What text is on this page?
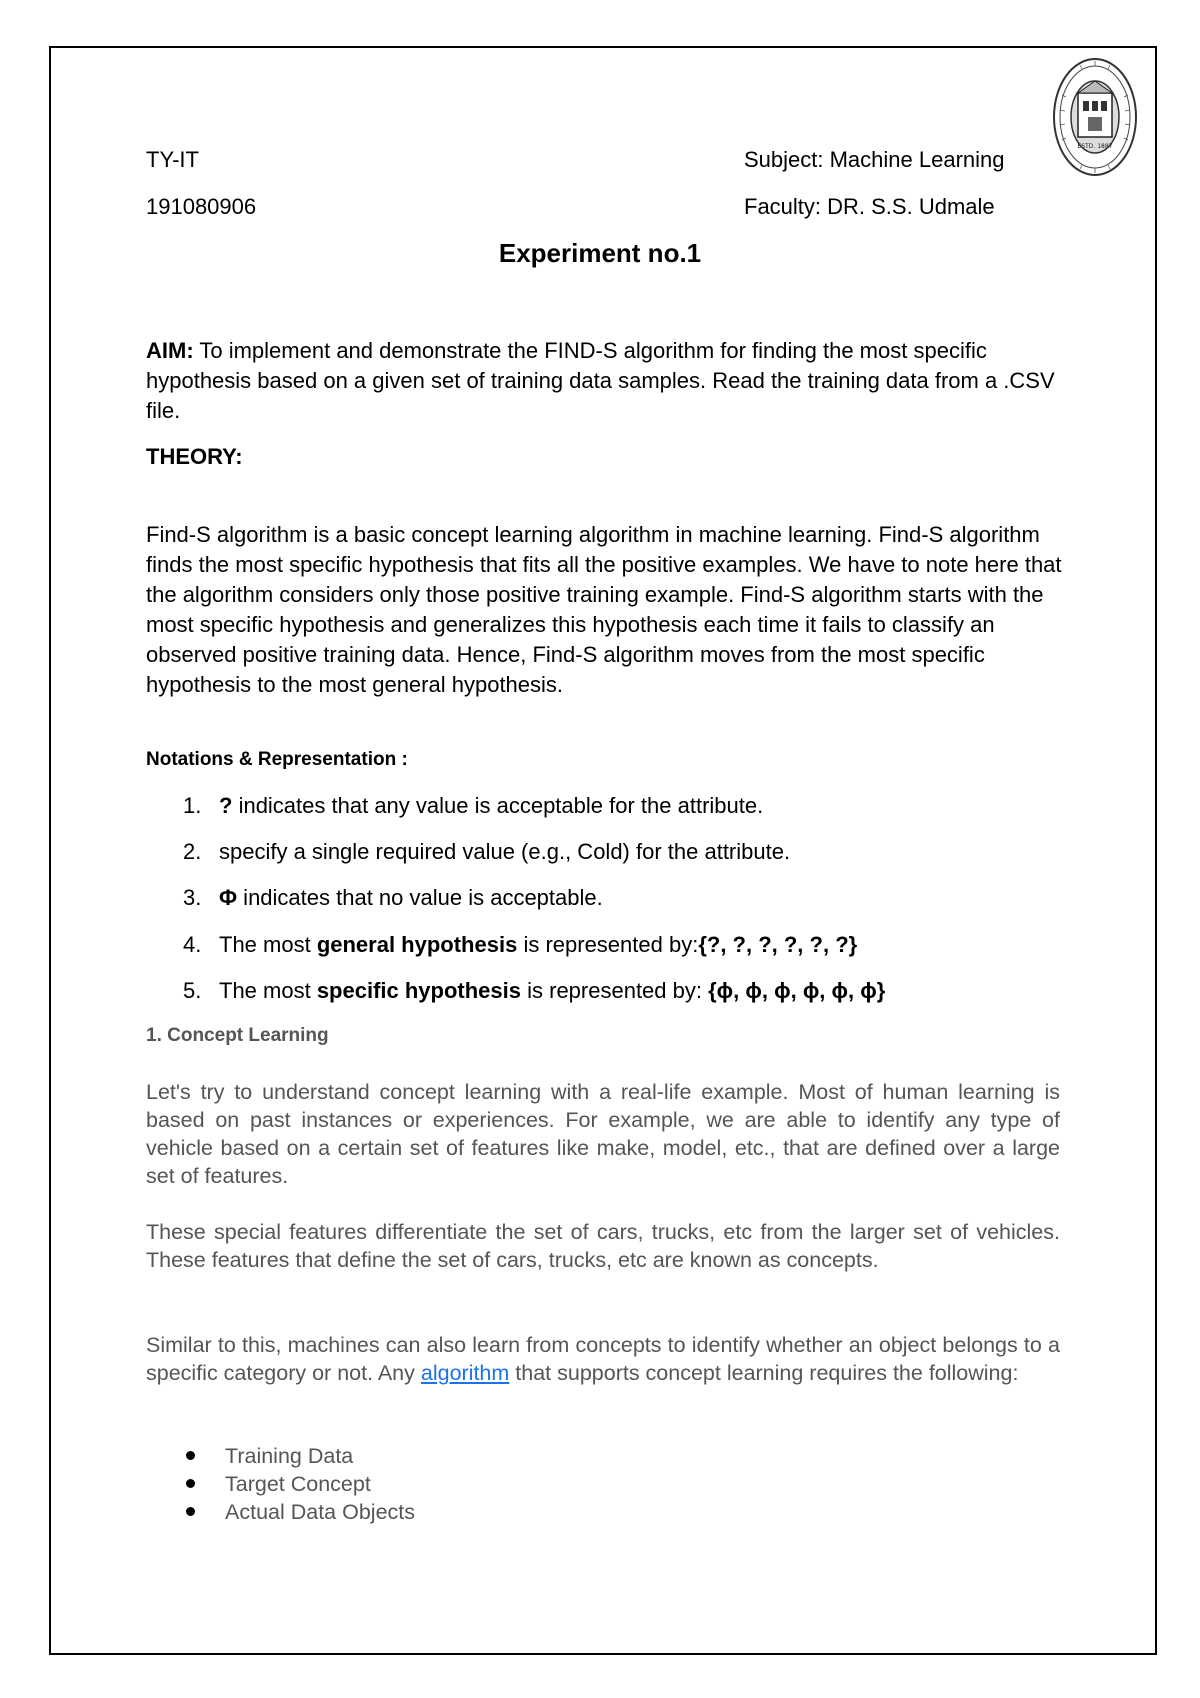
ESTD. 1887
TY-IT
191080906
Subject: Machine Learning
Faculty: DR. S.S. Udmale
Experiment no.1
AIM: To implement and demonstrate the FIND-S algorithm for finding the most specific hypothesis based on a given set of training data samples. Read the training data from a .CSV file.
THEORY:
Find-S algorithm is a basic concept learning algorithm in machine learning. Find-S algorithm finds the most specific hypothesis that fits all the positive examples. We have to note here that the algorithm considers only those positive training example. Find-S algorithm starts with the most specific hypothesis and generalizes this hypothesis each time it fails to classify an observed positive training data. Hence, Find-S algorithm moves from the most specific hypothesis to the most general hypothesis.
Notations & Representation :
1. ? indicates that any value is acceptable for the attribute.
2. specify a single required value (e.g., Cold) for the attribute.
3. Φ indicates that no value is acceptable.
4. The most general hypothesis is represented by:{?, ?, ?, ?, ?, ?}
5. The most specific hypothesis is represented by: {ϕ, ϕ, ϕ, ϕ, ϕ, ϕ}
1. Concept Learning
Let's try to understand concept learning with a real-life example. Most of human learning is based on past instances or experiences. For example, we are able to identify any type of vehicle based on a certain set of features like make, model, etc., that are defined over a large set of features.
These special features differentiate the set of cars, trucks, etc from the larger set of vehicles. These features that define the set of cars, trucks, etc are known as concepts.
Similar to this, machines can also learn from concepts to identify whether an object belongs to a specific category or not. Any algorithm that supports concept learning requires the following:
Training Data
Target Concept
Actual Data Objects
